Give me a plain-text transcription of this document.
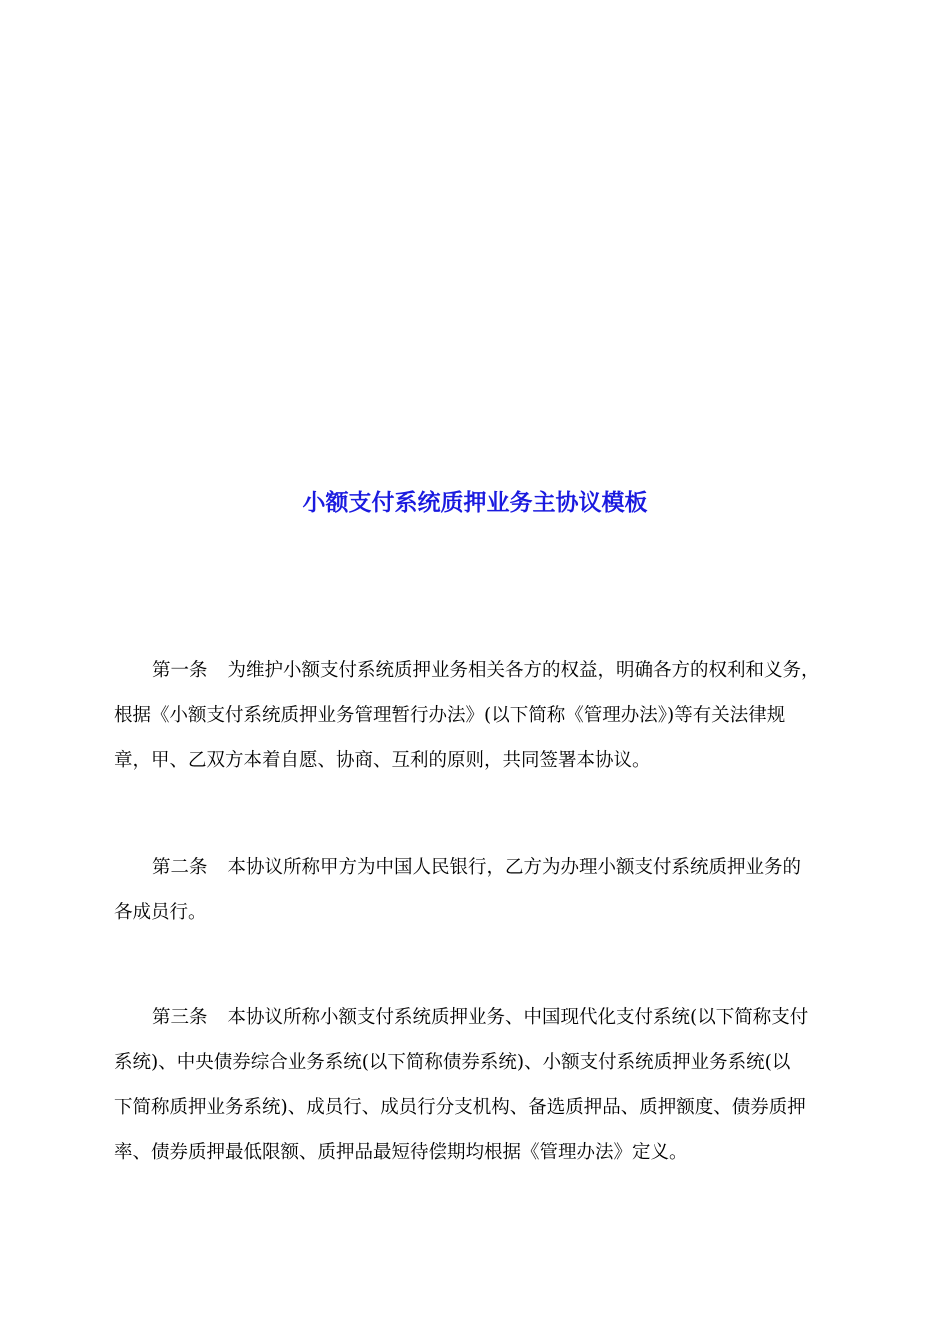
小额支付系统质押业务主协议模板
第一条 为维护小额支付系统质押业务相关各方的权益，明确各方的权利和义务，
根据《小额支付系统质押业务管理暂行办法》(以下简称《管理办法》)等有关法律规
章，甲、乙双方本着自愿、协商、互利的原则，共同签署本协议。
第二条 本协议所称甲方为中国人民银行，乙方为办理小额支付系统质押业务的
各成员行。
第三条 本协议所称小额支付系统质押业务、中国现代化支付系统(以下简称支付
系统)、中央债券综合业务系统(以下简称债券系统)、小额支付系统质押业务系统(以
下简称质押业务系统)、成员行、成员行分支机构、备选质押品、质押额度、债券质押
率、债券质押最低限额、质押品最短待偿期均根据《管理办法》定义。
